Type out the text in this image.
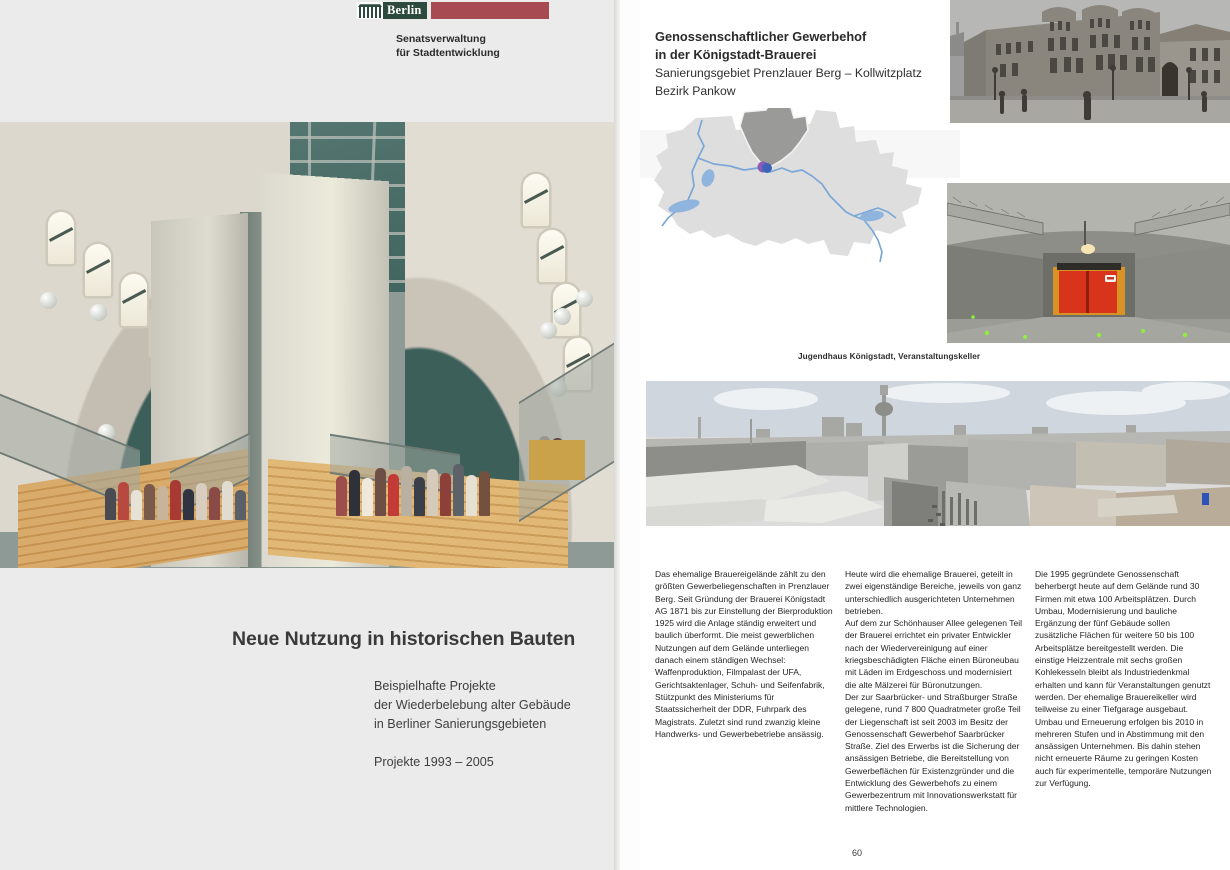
Berlin
Senatsverwaltung
für Stadtentwicklung
Neue Nutzung in historischen Bauten
Beispielhafte Projekte
der Wiederbelebung alter Gebäude
in Berliner Sanierungsgebieten
Projekte 1993 – 2005
Genossenschaftlicher Gewerbehof
in der Königstadt-Brauerei
Sanierungsgebiet Prenzlauer Berg – Kollwitzplatz
Bezirk Pankow
Jugendhaus Königstadt, Veranstaltungskeller

Das ehemalige Brauereigelände zählt zu den größten Gewerbeliegenschaften in Prenzlauer Berg. Seit Gründung der Brauerei Königstadt AG 1871 bis zur Einstellung der Bierproduktion 1925 wird die Anlage ständig erweitert und baulich überformt. Die meist gewerblichen Nutzungen auf dem Gelände unterliegen danach einem ständigen Wechsel: Waffenproduktion, Filmpalast der UFA, Gerichtsaktenlager, Schuh- und Seifenfabrik, Stützpunkt des Ministeriums für Staatssicherheit der DDR, Fuhrpark des Magistrats. Zuletzt sind rund zwanzig kleine Handwerks- und Gewerbebetriebe ansässig.

Heute wird die ehemalige Brauerei, geteilt in zwei eigenständige Bereiche, jeweils von ganz unterschiedlich ausgerichteten Unternehmen betrieben.

Auf dem zur Schönhauser Allee gelegenen Teil der Brauerei errichtet ein privater Entwickler nach der Wiedervereinigung auf einer kriegsbeschädigten Fläche einen Büroneubau mit Läden im Erdgeschoss und modernisiert die alte Mälzerei für Büronutzungen.

Der zur Saarbrücker- und Straßburger Straße gelegene, rund 7 800 Quadratmeter große Teil der Liegenschaft ist seit 2003 im Besitz der Genossenschaft Gewerbehof Saarbrücker Straße. Ziel des Erwerbs ist die Sicherung der ansässigen Betriebe, die Bereitstellung von Gewerbeflächen für Existenzgründer und die Entwicklung des Gewerbehofs zu einem Gewerbezentrum mit Innovationswerkstatt für mittlere Technologien.

Die 1995 gegründete Genossenschaft beherbergt heute auf dem Gelände rund 30 Firmen mit etwa 100 Arbeitsplätzen. Durch Umbau, Modernisierung und bauliche Ergänzung der fünf Gebäude sollen zusätzliche Flächen für weitere 50 bis 100 Arbeitsplätze bereitgestellt werden. Die einstige Heizzentrale mit sechs großen Kohlekesseln bleibt als Industriedenkmal erhalten und kann für Veranstaltungen genutzt werden. Der ehemalige Brauereikeller wird teilweise zu einer Tiefgarage ausgebaut. Umbau und Erneuerung erfolgen bis 2010 in mehreren Stufen und in Abstimmung mit den ansässigen Unternehmen. Bis dahin stehen nicht erneuerte Räume zu geringen Kosten auch für experimentelle, temporäre Nutzungen zur Verfügung.

60
